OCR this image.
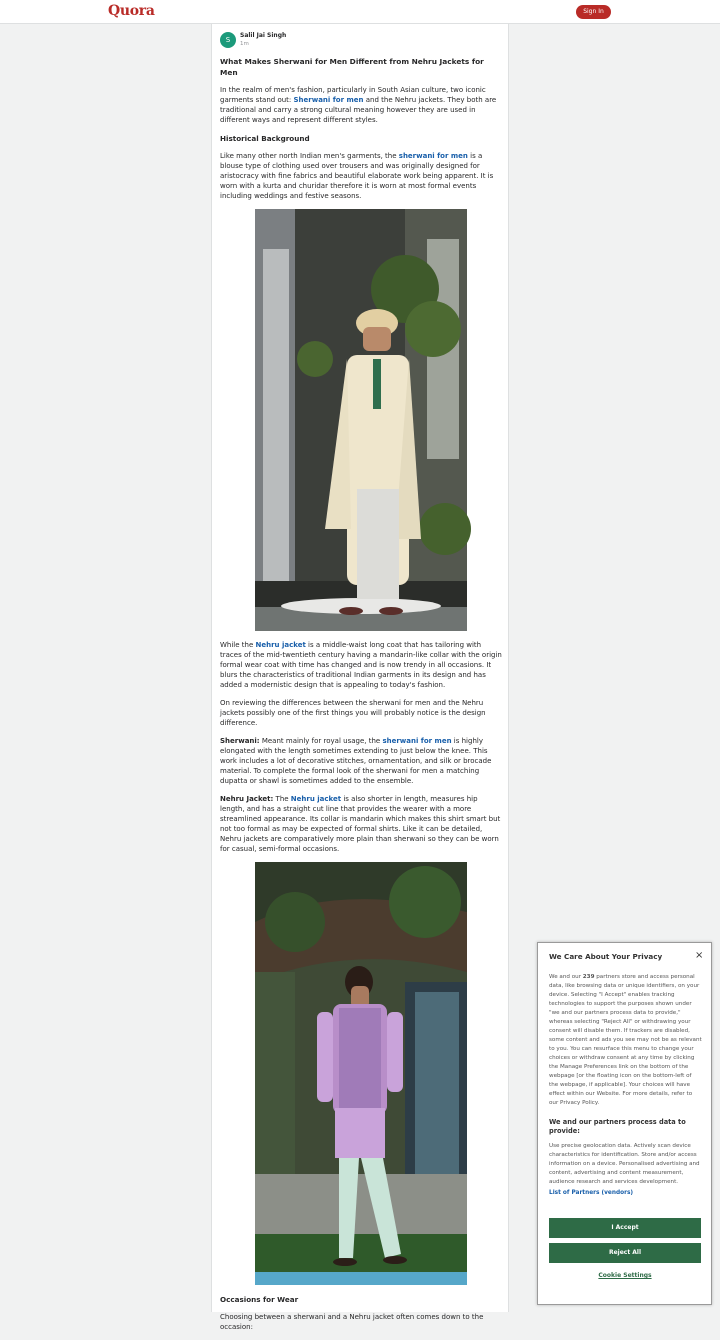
Quora	Sign In
S
Salil Jai Singh
1m
What Makes Sherwani for Men Different from Nehru Jackets for Men
In the realm of men's fashion, particularly in South Asian culture, two iconic garments stand out: Sherwani for men and the Nehru jackets. They both are traditional and carry a strong cultural meaning however they are used in different ways and represent different styles.
Historical Background
Like many other north Indian men's garments, the sherwani for men is a blouse type of clothing used over trousers and was originally designed for aristocracy with fine fabrics and beautiful elaborate work being apparent. It is worn with a kurta and churidar therefore it is worn at most formal events including weddings and festive seasons.
While the Nehru jacket is a middle-waist long coat that has tailoring with traces of the mid-twentieth century having a mandarin-like collar with the origin formal wear coat with time has changed and is now trendy in all occasions. It blurs the characteristics of traditional Indian garments in its design and has added a modernistic design that is appealing to today's fashion.
On reviewing the differences between the sherwani for men and the Nehru jackets possibly one of the first things you will probably notice is the design difference.
Sherwani: Meant mainly for royal usage, the sherwani for men is highly elongated with the length sometimes extending to just below the knee. This work includes a lot of decorative stitches, ornamentation, and silk or brocade material. To complete the formal look of the sherwani for men a matching dupatta or shawl is sometimes added to the ensemble.
Nehru Jacket: The Nehru jacket is also shorter in length, measures hip length, and has a straight cut line that provides the wearer with a more streamlined appearance. Its collar is mandarin which makes this shirt smart but not too formal as may be expected of formal shirts. Like it can be detailed, Nehru jackets are comparatively more plain than sherwani so they can be worn for casual, semi-formal occasions.
Occasions for Wear
Choosing between a sherwani and a Nehru jacket often comes down to the occasion:
×
We Care About Your Privacy
We and our 239 partners store and access personal data, like browsing data or unique identifiers, on your device. Selecting "I Accept" enables tracking technologies to support the purposes shown under "we and our partners process data to provide," whereas selecting "Reject All" or withdrawing your consent will disable them. If trackers are disabled, some content and ads you see may not be as relevant to you. You can resurface this menu to change your choices or withdraw consent at any time by clicking the Manage Preferences link on the bottom of the webpage [or the floating icon on the bottom-left of the webpage, if applicable]. Your choices will have effect within our Website. For more details, refer to our Privacy Policy.
We and our partners process data to provide:
Use precise geolocation data. Actively scan device characteristics for identification. Store and/or access information on a device. Personalised advertising and content, advertising and content measurement, audience research and services development.
List of Partners (vendors)
I Accept
Reject All
Cookie Settings
